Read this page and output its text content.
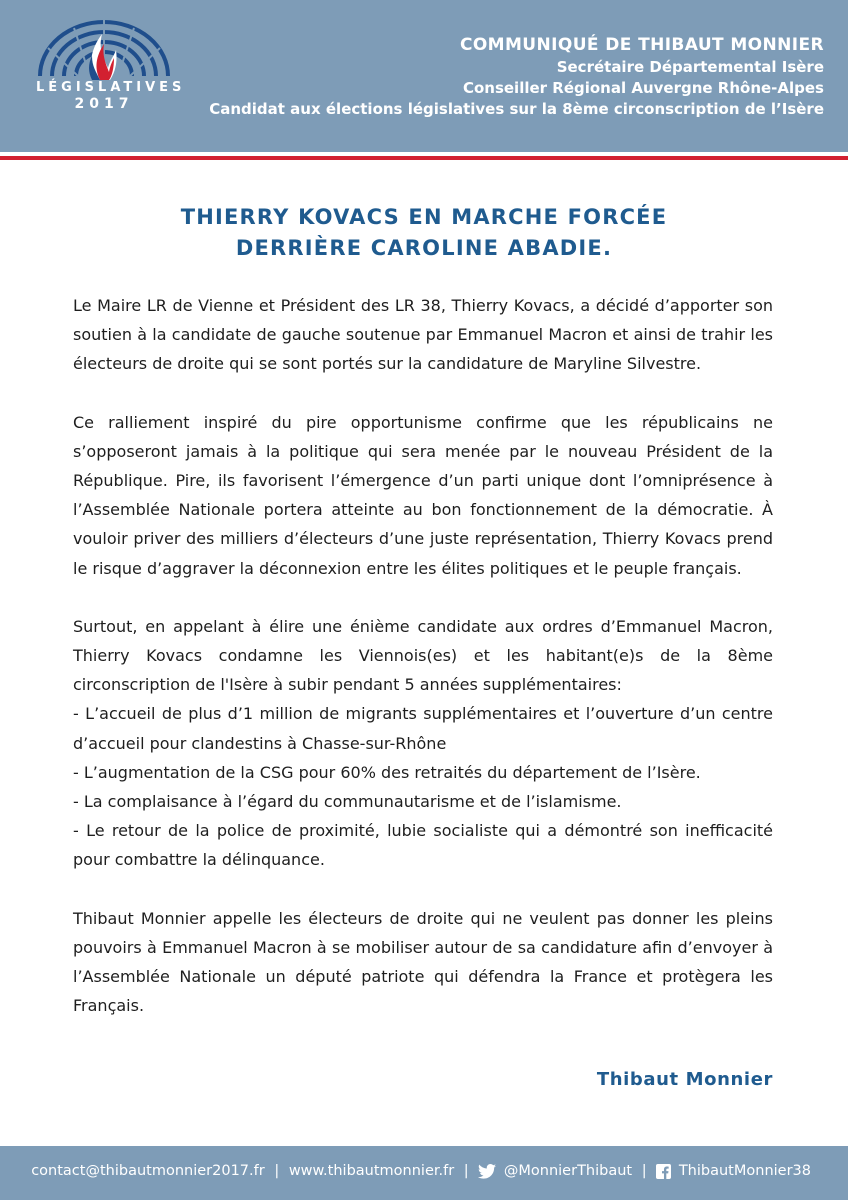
LÉGISLATIVES
2017
COMMUNIQUÉ DE THIBAUT MONNIER
Secrétaire Départemental Isère
Conseiller Régional Auvergne Rhône-Alpes
Candidat aux élections législatives sur la 8ème circonscription de l’Isère
THIERRY KOVACS EN MARCHE FORCÉE
DERRIÈRE CAROLINE ABADIE.

Le Maire LR de Vienne et Président des LR 38, Thierry Kovacs, a décidé d’apporter son soutien à la candidate de gauche soutenue par Emmanuel Macron et ainsi de trahir les électeurs de droite qui se sont portés sur la candidature de Maryline Silvestre.

Ce ralliement inspiré du pire opportunisme confirme que les républicains ne s’opposeront jamais à la politique qui sera menée par le nouveau Président de la République. Pire, ils favorisent l’émergence d’un parti unique dont l’omniprésence à l’Assemblée Nationale portera atteinte au bon fonctionnement de la démocratie. À vouloir priver des milliers d’électeurs d’une juste représentation, Thierry Kovacs prend le risque d’aggraver la déconnexion entre les élites politiques et le peuple français.

Surtout, en appelant à élire une énième candidate aux ordres d’Emmanuel Macron, Thierry Kovacs condamne les Viennois(es) et les habitant(e)s de la 8ème circonscription de l'Isère à subir pendant 5 années supplémentaires:
- L’accueil de plus d’1 million de migrants supplémentaires et l’ouverture d’un centre d’accueil pour clandestins à Chasse-sur-Rhône
- L’augmentation de la CSG pour 60% des retraités du département de l’Isère.
- La complaisance à l’égard du communautarisme et de l’islamisme.
- Le retour de la police de proximité, lubie socialiste qui a démontré son inefficacité pour combattre la délinquance.

Thibaut Monnier appelle les électeurs de droite qui ne veulent pas donner les pleins pouvoirs à Emmanuel Macron à se mobiliser autour de sa candidature afin d’envoyer à l’Assemblée Nationale un député patriote qui défendra la France et protègera les Français.

Thibaut Monnier
contact@thibautmonnier2017.fr | www.thibautmonnier.fr | @MonnierThibaut | ThibautMonnier38
